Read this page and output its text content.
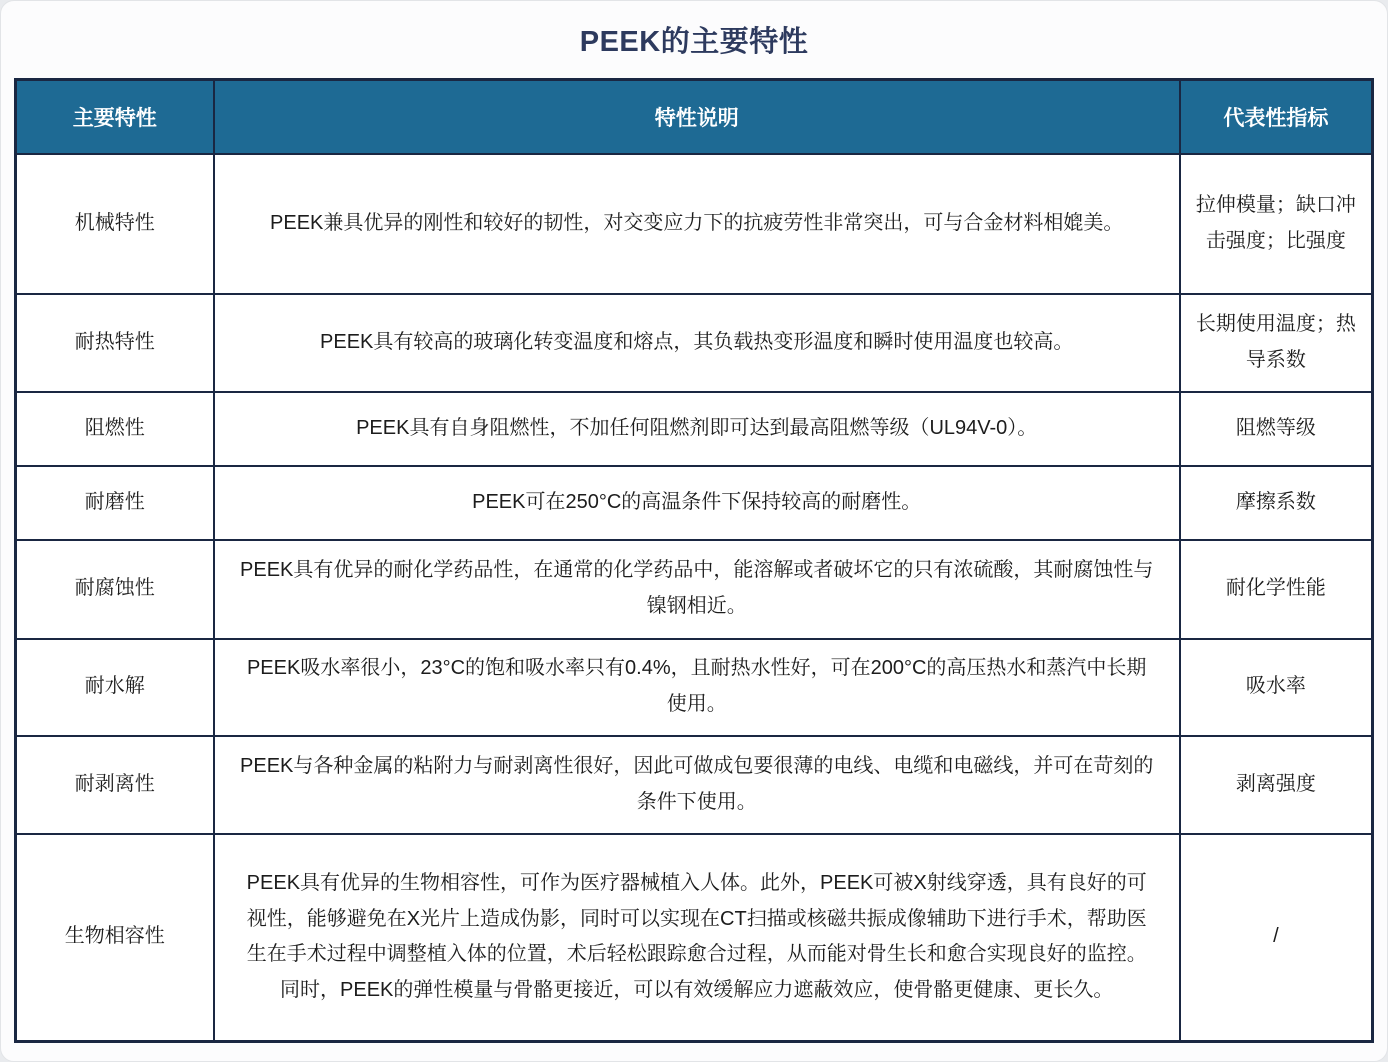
PEEK的主要特性
主要特性	特性说明	代表性指标
机械特性	PEEK兼具优异的刚性和较好的韧性，对交变应力下的抗疲劳性非常突出，可与合金材料相媲美。	拉伸模量；缺口冲击强度；比强度
耐热特性	PEEK具有较高的玻璃化转变温度和熔点，其负载热变形温度和瞬时使用温度也较高。	长期使用温度；热导系数
阻燃性	PEEK具有自身阻燃性，不加任何阻燃剂即可达到最高阻燃等级（UL94V-0）。	阻燃等级
耐磨性	PEEK可在250°C的高温条件下保持较高的耐磨性。	摩擦系数
耐腐蚀性	PEEK具有优异的耐化学药品性，在通常的化学药品中，能溶解或者破坏它的只有浓硫酸，其耐腐蚀性与镍钢相近。	耐化学性能
耐水解	PEEK吸水率很小，23°C的饱和吸水率只有0.4%，且耐热水性好，可在200°C的高压热水和蒸汽中长期使用。	吸水率
耐剥离性	PEEK与各种金属的粘附力与耐剥离性很好，因此可做成包要很薄的电线、电缆和电磁线，并可在苛刻的条件下使用。	剥离强度
生物相容性	PEEK具有优异的生物相容性，可作为医疗器械植入人体。此外，PEEK可被X射线穿透，具有良好的可视性，能够避免在X光片上造成伪影，同时可以实现在CT扫描或核磁共振成像辅助下进行手术，帮助医生在手术过程中调整植入体的位置，术后轻松跟踪愈合过程，从而能对骨生长和愈合实现良好的监控。同时，PEEK的弹性模量与骨骼更接近，可以有效缓解应力遮蔽效应，使骨骼更健康、更长久。	/
